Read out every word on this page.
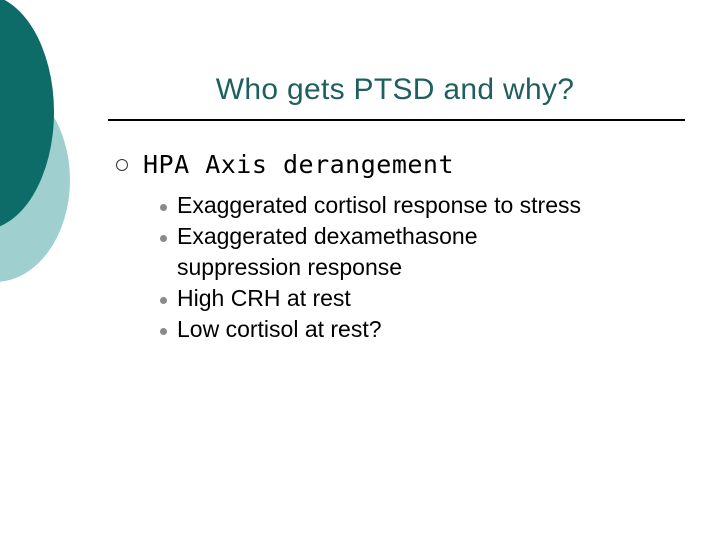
Who gets PTSD and why?
HPA Axis derangement
Exaggerated cortisol response to stress
Exaggerated dexamethasone suppression response
High CRH at rest
Low cortisol at rest?
